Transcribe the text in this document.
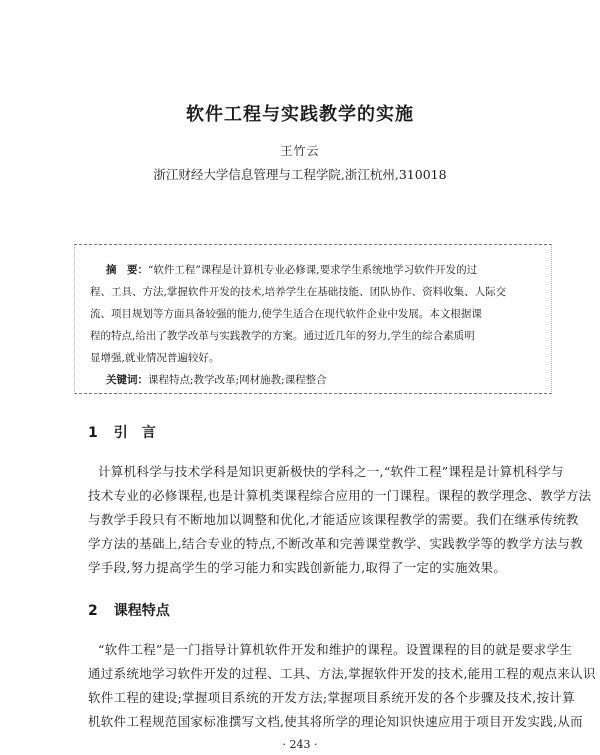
软件工程与实践教学的实施
王竹云
浙江财经大学信息管理与工程学院,浙江杭州,310018
摘　要：“软件工程”课程是计算机专业必修课,要求学生系统地学习软件开发的过
程、工具、方法,掌握软件开发的技术,培养学生在基础技能、团队协作、资料收集、人际交
流、项目规划等方面具备较强的能力,使学生适合在现代软件企业中发展。本文根据课
程的特点,给出了教学改革与实践教学的方案。通过近几年的努力,学生的综合素质明
显增强,就业情况普遍较好。
关键词：课程特点;教学改革;网材施教;课程整合
1 引　言
计算机科学与技术学科是知识更新极快的学科之一,“软件工程”课程是计算机科学与
技术专业的必修课程,也是计算机类课程综合应用的一门课程。课程的教学理念、教学方法
与教学手段只有不断地加以调整和优化,才能适应该课程教学的需要。我们在继承传统教
学方法的基础上,结合专业的特点,不断改革和完善课堂教学、实践教学等的教学方法与教
学手段,努力提高学生的学习能力和实践创新能力,取得了一定的实施效果。
2 课程特点
“软件工程”是一门指导计算机软件开发和维护的课程。设置课程的目的就是要求学生
通过系统地学习软件开发的过程、工具、方法,掌握软件开发的技术,能用工程的观点来认识
软件工程的建设;掌握项目系统的开发方法;掌握项目系统开发的各个步骤及技术,按计算
机软件工程规范国家标准撰写文档,使其将所学的理论知识快速应用于项目开发实践,从而
· 243 ·
